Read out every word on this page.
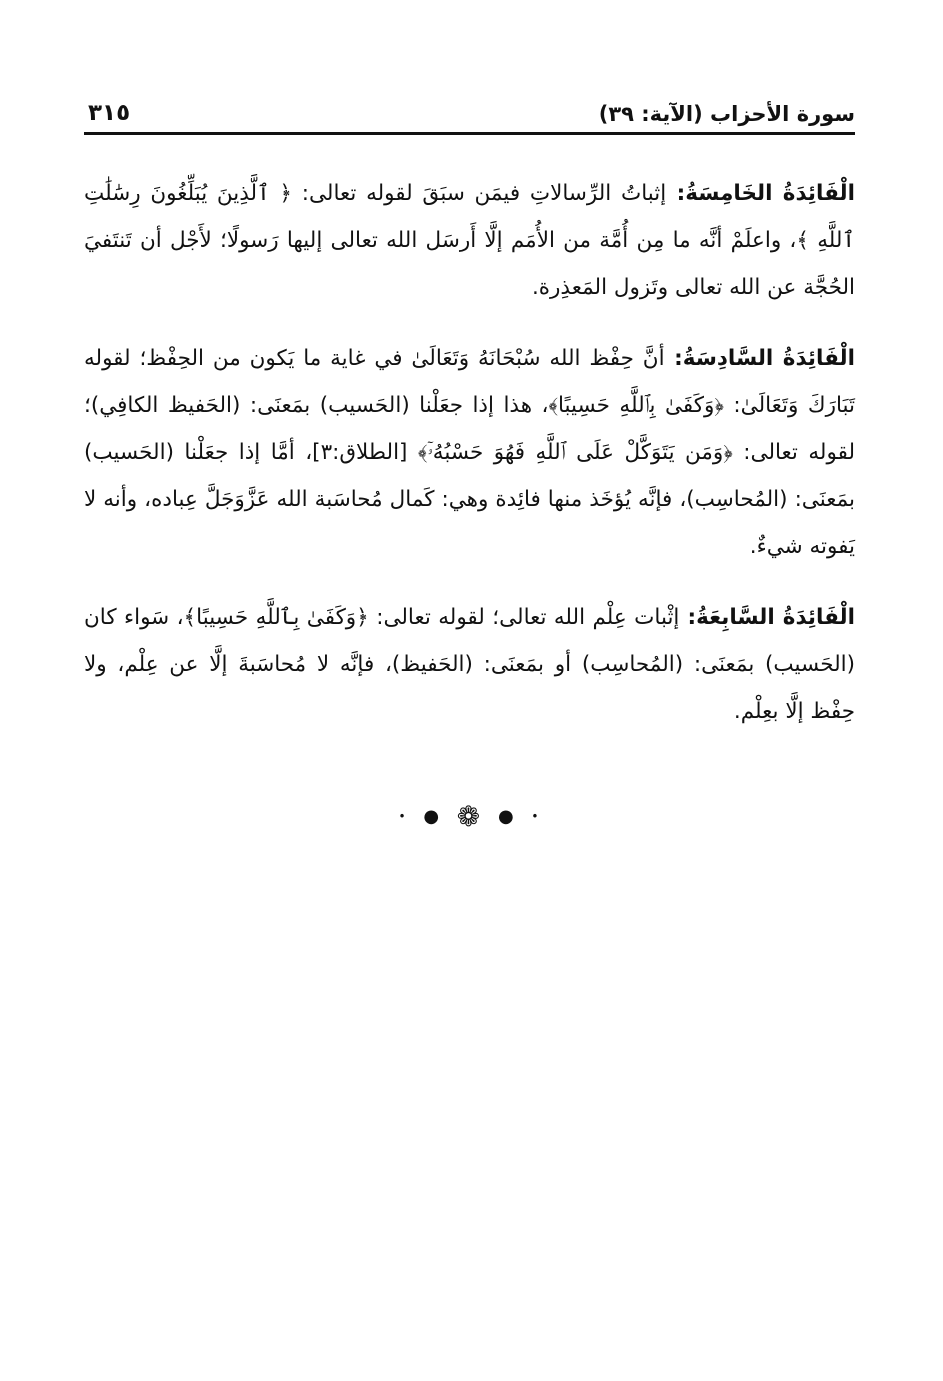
سورة الأحزاب (الآية: ٣٩)
٣١٥

الْفَائِدَةُ الخَامِسَةُ: إثباتُ الرِّسالاتِ فيمَن سبَقَ لقوله تعالى: ﴿ ٱلَّذِينَ يُبَلِّغُونَ رِسَٰلَٰتِ ٱللَّهِ ﴾، واعلَمْ أنَّه ما مِن أُمَّة من الأُمَم إلَّا أَرسَل الله تعالى إليها رَسولًا؛ لأَجْل أن تَنتَفيَ الحُجَّة عن الله تعالى وتَزول المَعذِرة.

الْفَائِدَةُ السَّادِسَةُ: أنَّ حِفْظ الله سُبْحَانَهُ وَتَعَالَىٰ في غاية ما يَكون من الحِفْظ؛ لقوله تَبَارَكَ وَتَعَالَىٰ: ﴿وَكَفَىٰ بِٱللَّهِ حَسِيبًا﴾، هذا إذا جعَلْنا (الحَسيب) بمَعنَى: (الحَفيظ الكافِي)؛ لقوله تعالى: ﴿وَمَن يَتَوَكَّلْ عَلَى ٱللَّهِ فَهُوَ حَسْبُهُۥٓ﴾ [الطلاق:٣]، أمَّا إذا جعَلْنا (الحَسيب) بمَعنَى: (المُحاسِب)، فإنَّه يُؤخَذ منها فائِدة وهي: كَمال مُحاسَبة الله عَزَّوَجَلَّ عِباده، وأنه لا يَفوته شيءٌ.

الْفَائِدَةُ السَّابِعَةُ: إثْبات عِلْم الله تعالى؛ لقوله تعالى: ﴿وَكَفَىٰ بِٱللَّهِ حَسِيبًا﴾، سَواء كان (الحَسيب) بمَعنَى: (المُحاسِب) أو بمَعنَى: (الحَفيظ)، فإنَّه لا مُحاسَبةَ إلَّا عن عِلْم، ولا حِفْظ إلَّا بعِلْم.

• ● ❁ ● •
